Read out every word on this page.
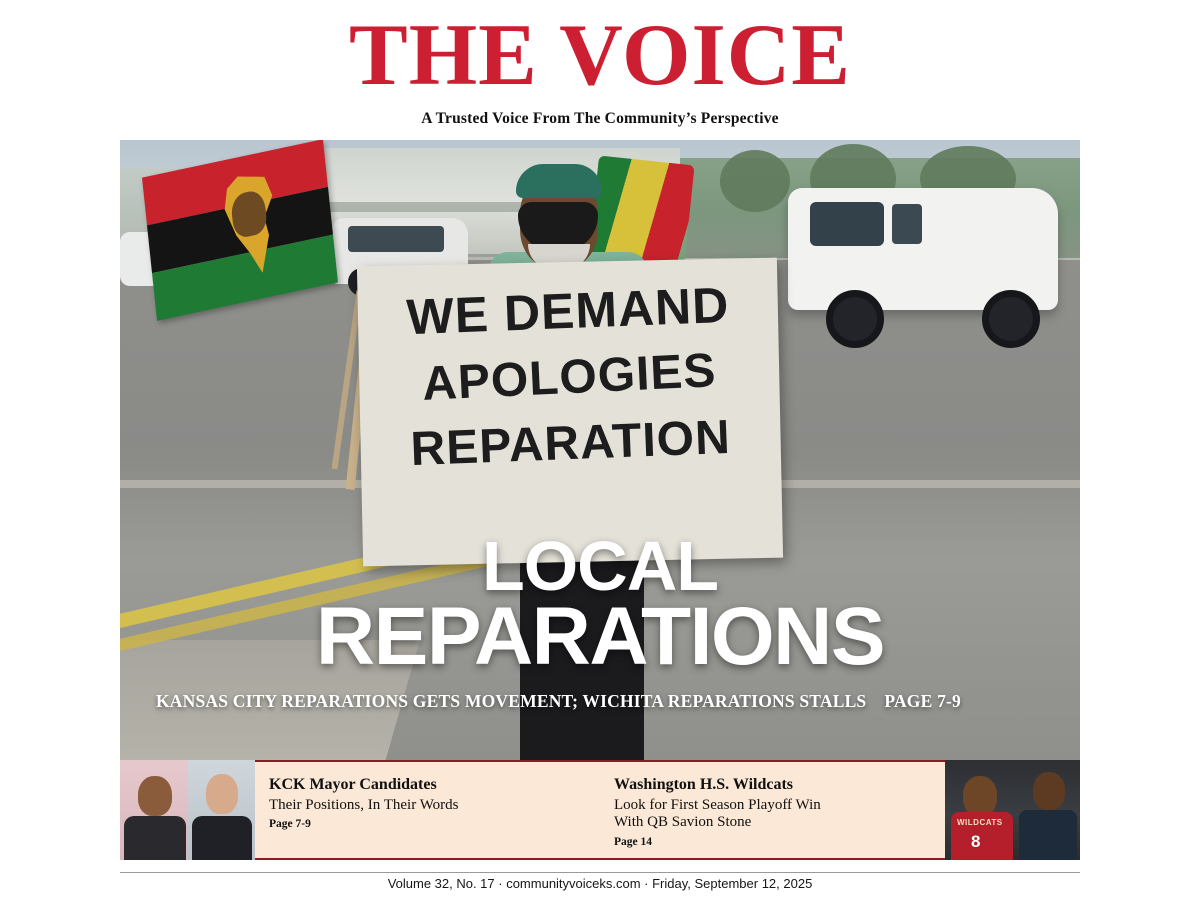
THE VOICE
A Trusted Voice From The Community’s Perspective
WE DEMAND
APOLOGIES
REPARATION
LOCAL
REPARATIONS
KANSAS CITY REPARATIONS GETS MOVEMENT; WICHITA REPARATIONS STALLS PAGE 7-9
KCK Mayor Candidates
Their Positions, In Their Words
Page 7-9
Washington H.S. Wildcats
Look for First Season Playoff Win
With QB Savion Stone
Page 14
WILDCATS
8
Volume 32, No. 17 · communityvoiceks.com · Friday, September 12, 2025
